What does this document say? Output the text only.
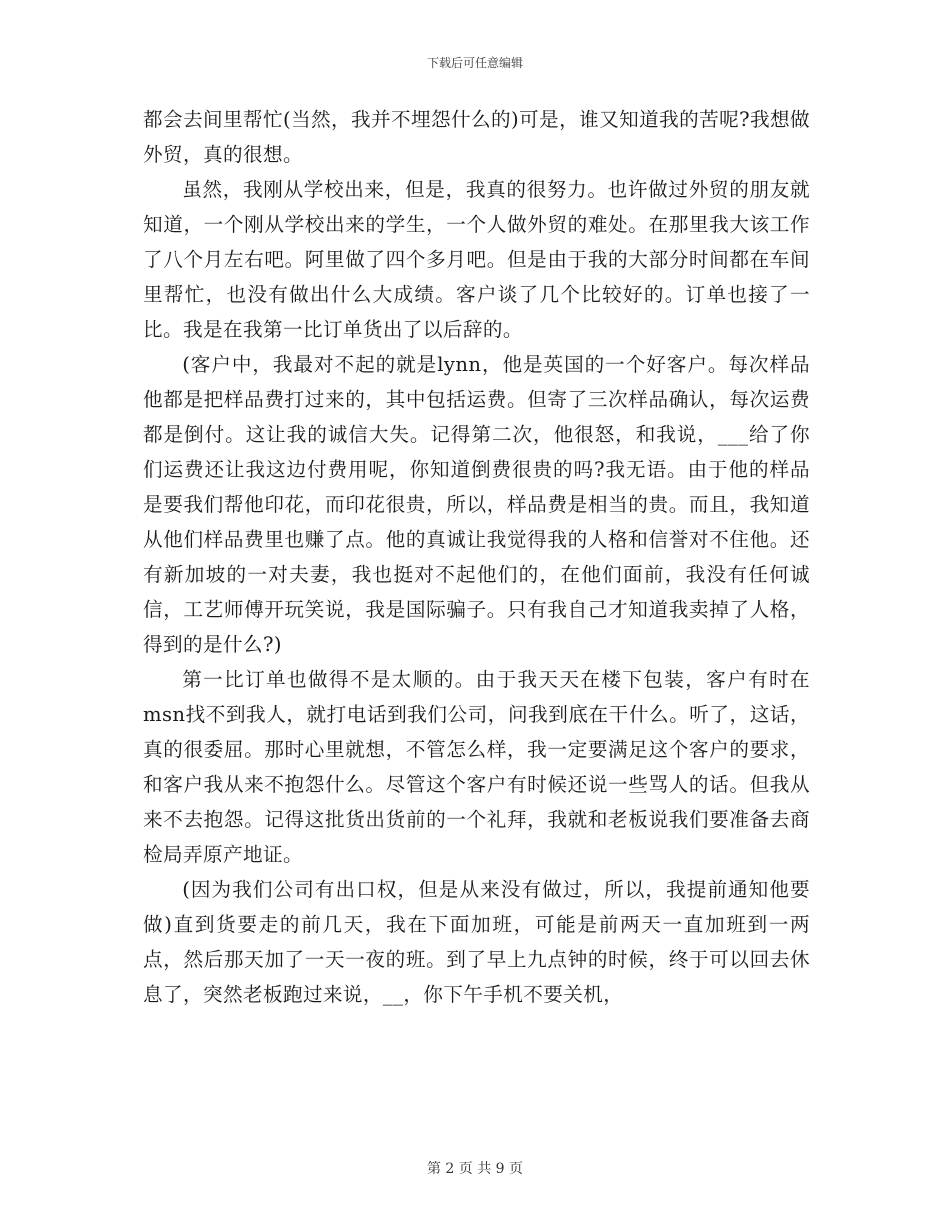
下载后可任意编辑

都会去间里帮忙(当然，我并不埋怨什么的)可是，谁又知道我的苦呢?我想做外贸，真的很想。

虽然，我刚从学校出来，但是，我真的很努力。也许做过外贸的朋友就知道，一个刚从学校出来的学生，一个人做外贸的难处。在那里我大该工作了八个月左右吧。阿里做了四个多月吧。但是由于我的大部分时间都在车间里帮忙，也没有做出什么大成绩。客户谈了几个比较好的。订单也接了一比。我是在我第一比订单货出了以后辞的。

(客户中，我最对不起的就是lynn，他是英国的一个好客户。每次样品他都是把样品费打过来的，其中包括运费。但寄了三次样品确认，每次运费都是倒付。这让我的诚信大失。记得第二次，他很怒，和我说，___给了你们运费还让我这边付费用呢，你知道倒费很贵的吗?我无语。由于他的样品是要我们帮他印花，而印花很贵，所以，样品费是相当的贵。而且，我知道从他们样品费里也赚了点。他的真诚让我觉得我的人格和信誉对不住他。还有新加坡的一对夫妻，我也挺对不起他们的，在他们面前，我没有任何诚信，工艺师傅开玩笑说，我是国际骗子。只有我自己才知道我卖掉了人格，得到的是什么?)

第一比订单也做得不是太顺的。由于我天天在楼下包装，客户有时在msn找不到我人，就打电话到我们公司，问我到底在干什么。听了，这话，真的很委屈。那时心里就想，不管怎么样，我一定要满足这个客户的要求，和客户我从来不抱怨什么。尽管这个客户有时候还说一些骂人的话。但我从来不去抱怨。记得这批货出货前的一个礼拜，我就和老板说我们要准备去商检局弄原产地证。

(因为我们公司有出口权，但是从来没有做过，所以，我提前通知他要做)直到货要走的前几天，我在下面加班，可能是前两天一直加班到一两点，然后那天加了一天一夜的班。到了早上九点钟的时候，终于可以回去休息了，突然老板跑过来说，__，你下午手机不要关机，

第 2 页 共 9 页
